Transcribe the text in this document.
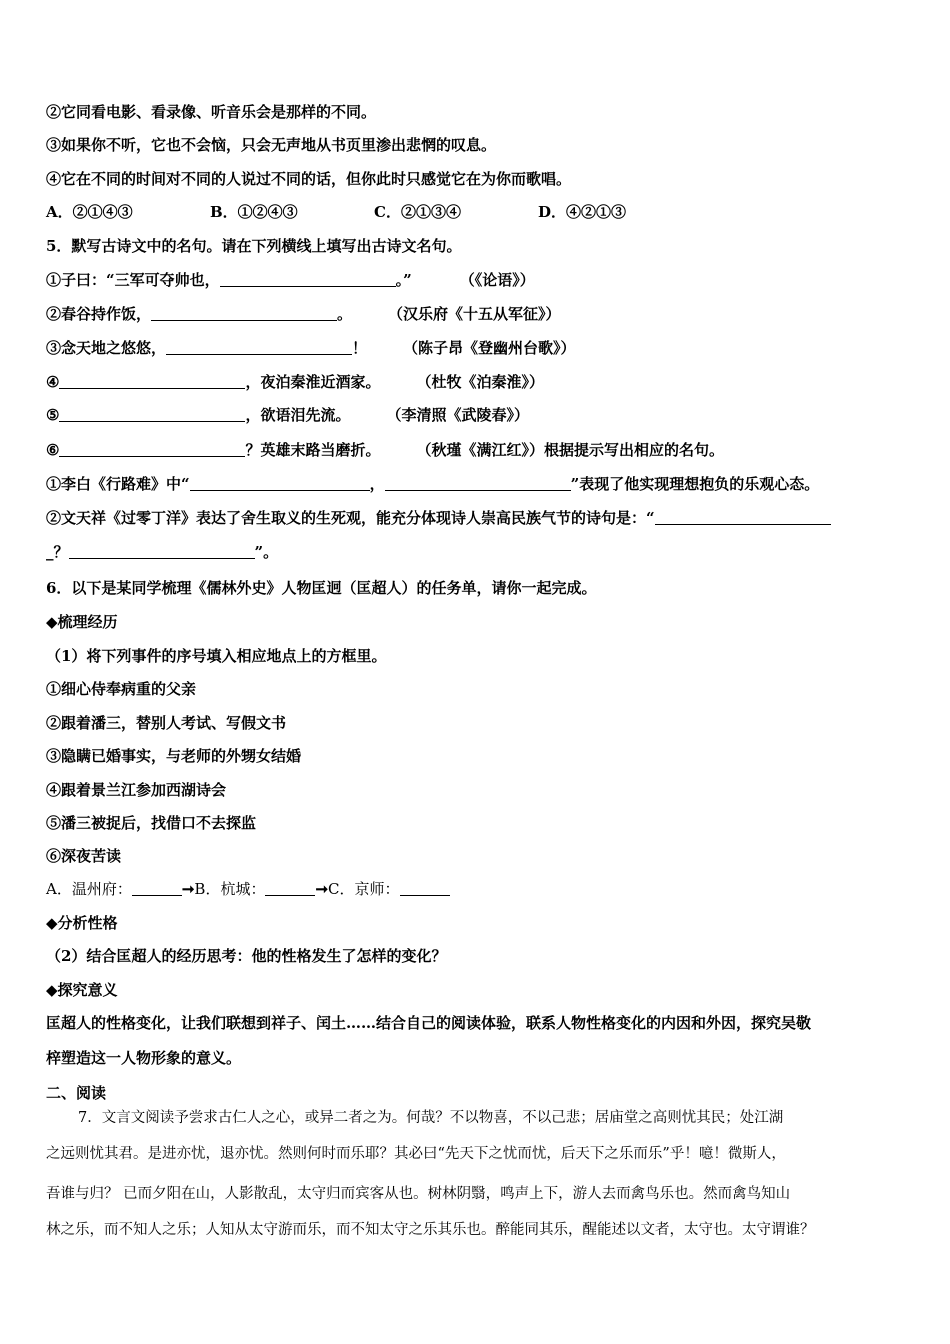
②它同看电影、看录像、听音乐会是那样的不同。
③如果你不听，它也不会恼，只会无声地从书页里渗出悲惘的叹息。
④它在不同的时间对不同的人说过不同的话，但你此时只感觉它在为你而歌唱。
A．②①④③	B．①②④③	C．②①③④	D．④②①③
5．默写古诗文中的名句。请在下列横线上填写出古诗文名句。
①子曰：“三军可夺帅也，	。”	（《论语》）
②春谷持作饭，	。 （汉乐府《十五从军征》）
③念天地之悠悠，	！ （陈子昂《登幽州台歌》）
④	，夜泊秦淮近酒家。 （杜牧《泊秦淮》）
⑤	，欲语泪先流。 （李清照《武陵春》）
⑥	？英雄末路当磨折。 （秋瑾《满江红》）根据提示写出相应的名句。
①李白《行路难》中“	，	”表现了他实现理想抱负的乐观心态。
②文天祥《过零丁洋》表达了舍生取义的生死观，能充分体现诗人崇高民族气节的诗句是：“
_？	”。
6．以下是某同学梳理《儒林外史》人物匡迥（匡超人）的任务单，请你一起完成。
◆梳理经历
（1）将下列事件的序号填入相应地点上的方框里。
①细心侍奉病重的父亲
②跟着潘三，替别人考试、写假文书
③隐瞒已婚事实，与老师的外甥女结婚
④跟着景兰江参加西湖诗会
⑤潘三被捉后，找借口不去探监
⑥深夜苦读
A．温州府：	➞B．杭城：	➞C．京师：
◆分析性格
（2）结合匡超人的经历思考：他的性格发生了怎样的变化？
◆探究意义
匡超人的性格变化，让我们联想到祥子、闰土……结合自己的阅读体验，联系人物性格变化的内因和外因，探究吴敬
梓塑造这一人物形象的意义。
二、阅读
7．文言文阅读予尝求古仁人之心，或异二者之为。何哉？不以物喜，不以己悲；居庙堂之高则忧其民；处江湖
之远则忧其君。是进亦忧，退亦忧。然则何时而乐耶？其必曰“先天下之忧而忧，后天下之乐而乐”乎！噫！微斯人，
吾谁与归？ 已而夕阳在山，人影散乱，太守归而宾客从也。树林阴翳，鸣声上下，游人去而禽鸟乐也。然而禽鸟知山
林之乐，而不知人之乐；人知从太守游而乐，而不知太守之乐其乐也。醉能同其乐，醒能述以文者，太守也。太守谓谁？
